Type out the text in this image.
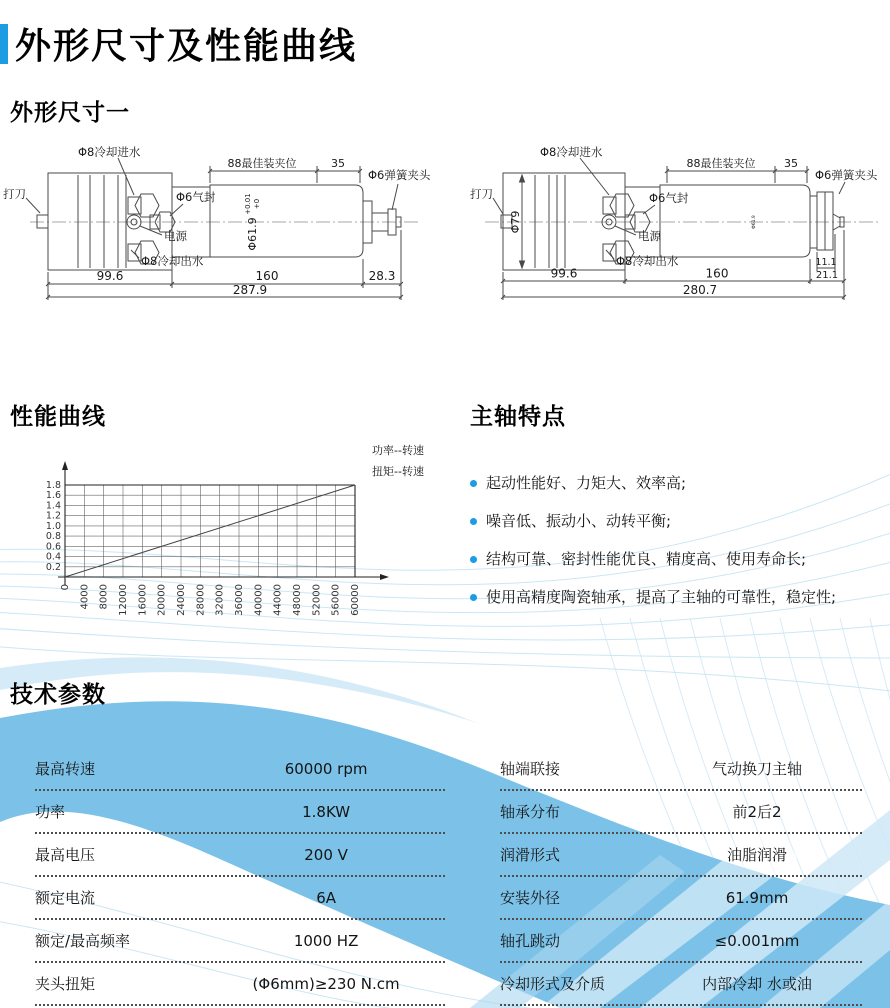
外形尺寸及性能曲线
外形尺寸一
打刀
Φ8冷却进水
Φ6气封
电源
Φ8冷却出水
88最佳装夹位	35
Φ6弹簧夹头
Φ61.9
+0.01 +0
99.6	160	28.3
287.9
打刀
Φ79
Φ8冷却进水
Φ6气封
电源
Φ8冷却出水
88最佳装夹位	35
Φ6弹簧夹头
Φ61.9
11.1
21.1
99.6	160
280.7
性能曲线
功率--转速
扭矩--转速
1.8
1.6
1.4
1.2
1.0
0.8
0.6
0.4
0.2
0 4000 8000 12000 16000 20000 24000 28000 32000 36000 40000 44000 48000 52000 56000 60000
主轴特点
起动性能好、力矩大、效率高;
噪音低、振动小、动转平衡;
结构可靠、密封性能优良、精度高、使用寿命长;
使用高精度陶瓷轴承，提高了主轴的可靠性，稳定性;
技术参数
最高转速	60000 rpm
功率	1.8KW
最高电压	200 V
额定电流	6A
额定/最高频率	1000 HZ
夹头扭矩	(Φ6mm)≥230 N.cm
轴端联接	气动换刀主轴
轴承分布	前2后2
润滑形式	油脂润滑
安装外径	61.9mm
轴孔跳动	≤0.001mm
冷却形式及介质	内部冷却 水或油
